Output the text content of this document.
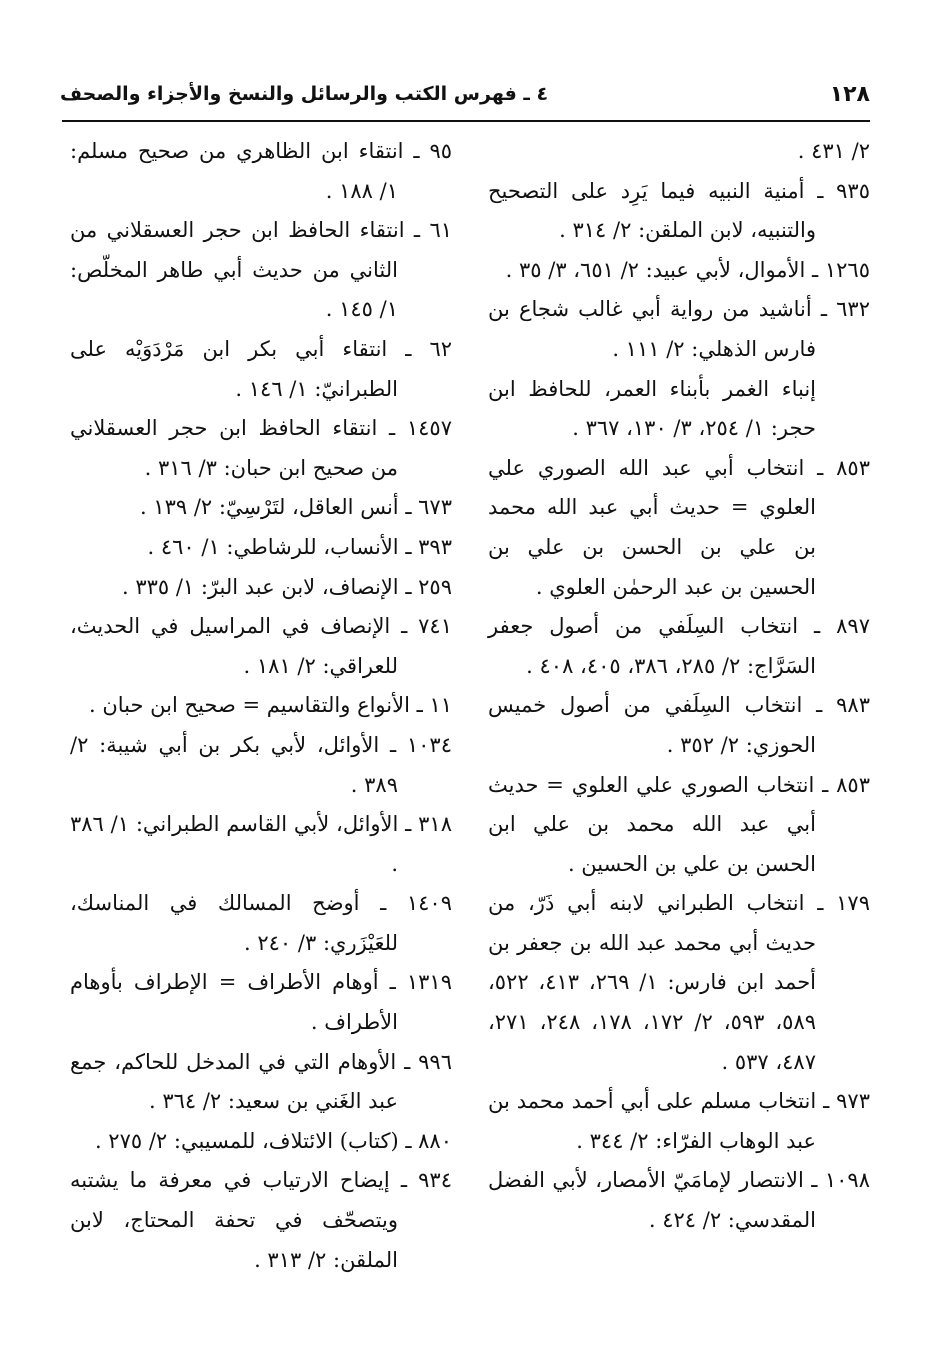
١٢٨
٤ ـ فهرس الكتب والرسائل والنسخ والأجزاء والصحف
٢/ ٤٣١ .
٩٣٥ ـ أمنية النبيه فيما يَرِد على التصحيح والتنبيه، لابن الملقن: ٢/ ٣١٤ .
١٢٦٥ ـ الأموال، لأبي عبيد: ٢/ ٦٥١، ٣/ ٣٥ .
٦٣٢ ـ أناشيد من رواية أبي غالب شجاع بن فارس الذهلي: ٢/ ١١١ .
إنباء الغمر بأبناء العمر، للحافظ ابن حجر: ١/ ٢٥٤، ٣/ ١٣٠، ٣٦٧ .
٨٥٣ ـ انتخاب أبي عبد الله الصوري علي العلوي = حديث أبي عبد الله محمد بن علي بن الحسن بن علي بن الحسين بن عبد الرحمٰن العلوي .
٨٩٧ ـ انتخاب السِلَفي من أصول جعفر السَرَّاج: ٢/ ٢٨٥، ٣٨٦، ٤٠٥، ٤٠٨ .
٩٨٣ ـ انتخاب السِلَفي من أصول خميس الحوزي: ٢/ ٣٥٢ .
٨٥٣ ـ انتخاب الصوري علي العلوي = حديث أبي عبد الله محمد بن علي ابن الحسن بن علي بن الحسين .
١٧٩ ـ انتخاب الطبراني لابنه أبي ذَرّ، من حديث أبي محمد عبد الله بن جعفر بن أحمد ابن فارس: ١/ ٢٦٩، ٤١٣، ٥٢٢، ٥٨٩، ٥٩٣، ٢/ ١٧٢، ١٧٨، ٢٤٨، ٢٧١، ٤٨٧، ٥٣٧ .
٩٧٣ ـ انتخاب مسلم على أبي أحمد محمد بن عبد الوهاب الفرّاء: ٢/ ٣٤٤ .
١٠٩٨ ـ الانتصار لإمامَيّ الأمصار، لأبي الفضل المقدسي: ٢/ ٤٢٤ .
٩٥ ـ انتقاء ابن الظاهري من صحيح مسلم: ١/ ١٨٨ .
٦١ ـ انتقاء الحافظ ابن حجر العسقلاني من الثاني من حديث أبي طاهر المخلّص: ١/ ١٤٥ .
٦٢ ـ انتقاء أبي بكر ابن مَرْدَوَيْه على الطبرانيّ: ١/ ١٤٦ .
١٤٥٧ ـ انتقاء الحافظ ابن حجر العسقلاني من صحيح ابن حبان: ٣/ ٣١٦ .
٦٧٣ ـ أنس العاقل، لتَرْسِيّ: ٢/ ١٣٩ .
٣٩٣ ـ الأنساب، للرشاطي: ١/ ٤٦٠ .
٢٥٩ ـ الإنصاف، لابن عبد البرّ: ١/ ٣٣٥ .
٧٤١ ـ الإنصاف في المراسيل في الحديث، للعراقي: ٢/ ١٨١ .
١١ ـ الأنواع والتقاسيم = صحيح ابن حبان .
١٠٣٤ ـ الأوائل، لأبي بكر بن أبي شيبة: ٢/ ٣٨٩ .
٣١٨ ـ الأوائل، لأبي القاسم الطبراني: ١/ ٣٨٦ .
١٤٠٩ ـ أوضح المسالك في المناسك، للعَيْزَري: ٣/ ٢٤٠ .
١٣١٩ ـ أوهام الأطراف = الإطراف بأوهام الأطراف .
٩٩٦ ـ الأوهام التي في المدخل للحاكم، جمع عبد الغَني بن سعيد: ٢/ ٣٦٤ .
٨٨٠ ـ (كتاب) الائتلاف، للمسيبي: ٢/ ٢٧٥ .
٩٣٤ ـ إيضاح الارتياب في معرفة ما يشتبه ويتصحّف في تحفة المحتاج، لابن الملقن: ٢/ ٣١٣ .
